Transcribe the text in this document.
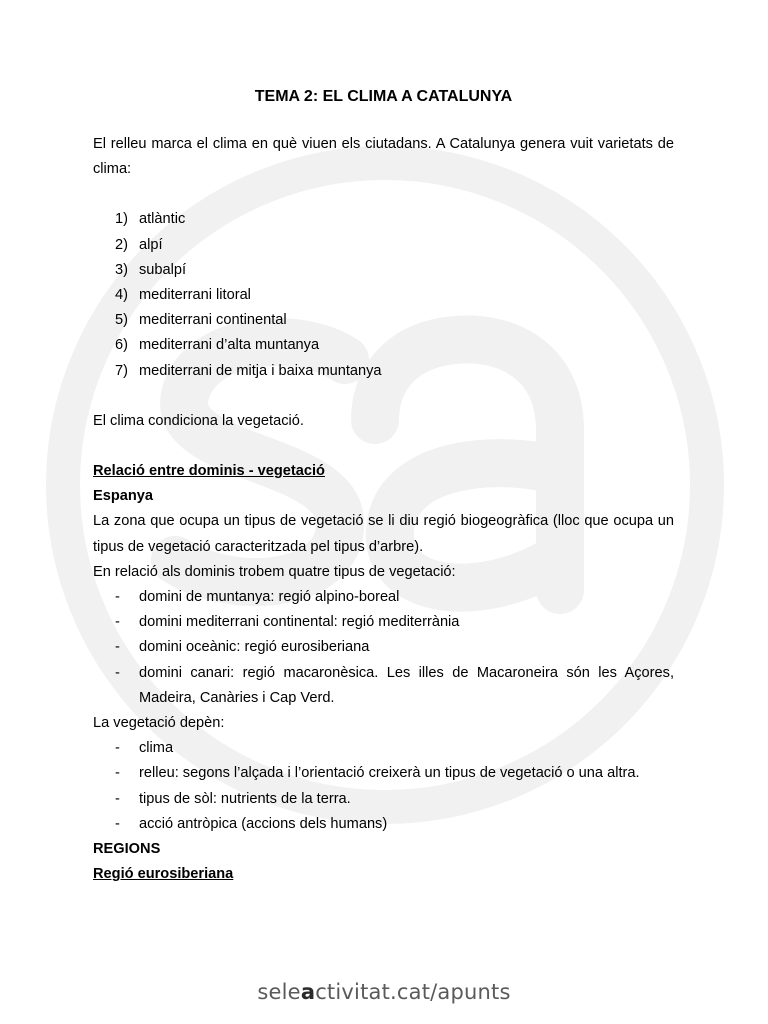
TEMA 2: EL CLIMA A CATALUNYA

El relleu marca el clima en què viuen els ciutadans. A Catalunya genera vuit varietats de clima:

1) atlàntic
2) alpí
3) subalpí
4) mediterrani litoral
5) mediterrani continental
6) mediterrani d’alta muntanya
7) mediterrani de mitja i baixa muntanya

El clima condiciona la vegetació.

Relació entre dominis - vegetació
Espanya

La zona que ocupa un tipus de vegetació se li diu regió biogeogràfica (lloc que ocupa un tipus de vegetació caracteritzada pel tipus d’arbre).

En relació als dominis trobem quatre tipus de vegetació:

-	domini de muntanya: regió alpino-boreal
-	domini mediterrani continental: regió mediterrània
-	domini oceànic: regió eurosiberiana
-	domini canari: regió macaronèsica. Les illes de Macaroneira són les Açores, Madeira, Canàries i Cap Verd.

La vegetació depèn:

-	clima
-	relleu: segons l’alçada i l’orientació creixerà un tipus de vegetació o una altra.
-	tipus de sòl: nutrients de la terra.
-	acció antròpica (accions dels humans)
REGIONS
Regió eurosiberiana
seleactivitat.cat/apunts
